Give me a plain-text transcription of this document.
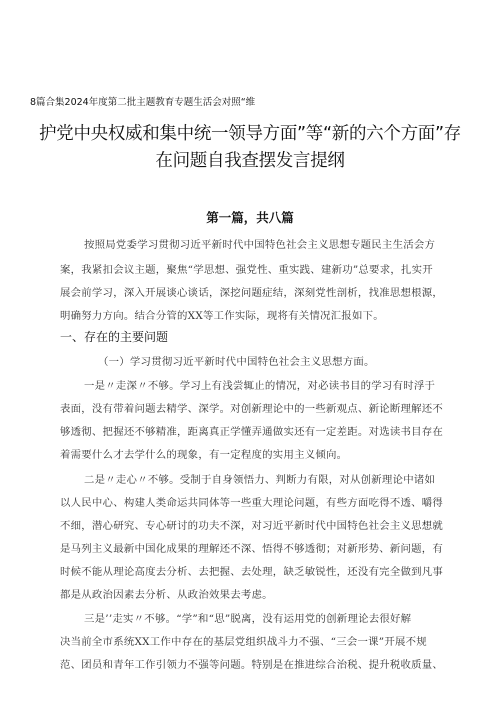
8篇合集2024年度第二批主题教育专题生活会对照“维
护党中央权威和集中统一领导方面”等“新的六个方面”存
在问题自我查摆发言提纲
第一篇，共八篇
按照局党委学习贯彻习近平新时代中国特色社会主义思想专题民主生活会方
案，我紧扣会议主题，聚焦“学思想、强党性、重实践、建新功”总要求，扎实开
展会前学习，深入开展谈心谈话，深挖问题症结，深刻党性剖析，找准思想根源，
明确努力方向。结合分管的XX等工作实际，现将有关情况汇报如下。
一、存在的主要问题
（一）学习贯彻习近平新时代中国特色社会主义思想方面。
一是〃走深〃不够。学习上有浅尝辄止的情况，对必读书目的学习有时浮于
表面，没有带着问题去精学、深学。对创新理论中的一些新观点、新论断理解还不
够透彻、把握还不够精准，距离真正学懂弄通做实还有一定差距。对选读书目存在
着需要什么才去学什么的现象，有一定程度的实用主义倾向。
二是〃走心〃不够。受制于自身领悟力、判断力有限，对从创新理论中诸如
以人民中心、构建人类命运共同体等一些重大理论问题，有些方面吃得不透、嚼得
不细，潜心研究、专心研讨的功夫不深，对习近平新时代中国特色社会主义思想就
是马列主义最新中国化成果的理解还不深、悟得不够透彻；对新形势、新问题，有
时候不能从理论高度去分析、去把握、去处理，缺乏敏锐性，还没有完全做到凡事
都是从政治因素去分析、从政治效果去考虑。
三是’’走实〃不够。“学”和“思”脱离，没有运用党的创新理论去很好解
决当前全市系统XX工作中存在的基层党组织战斗力不强、“三会一课”开展不规
范、团员和青年工作引领力不强等问题。特别是在推进综合治税、提升税收质量、
